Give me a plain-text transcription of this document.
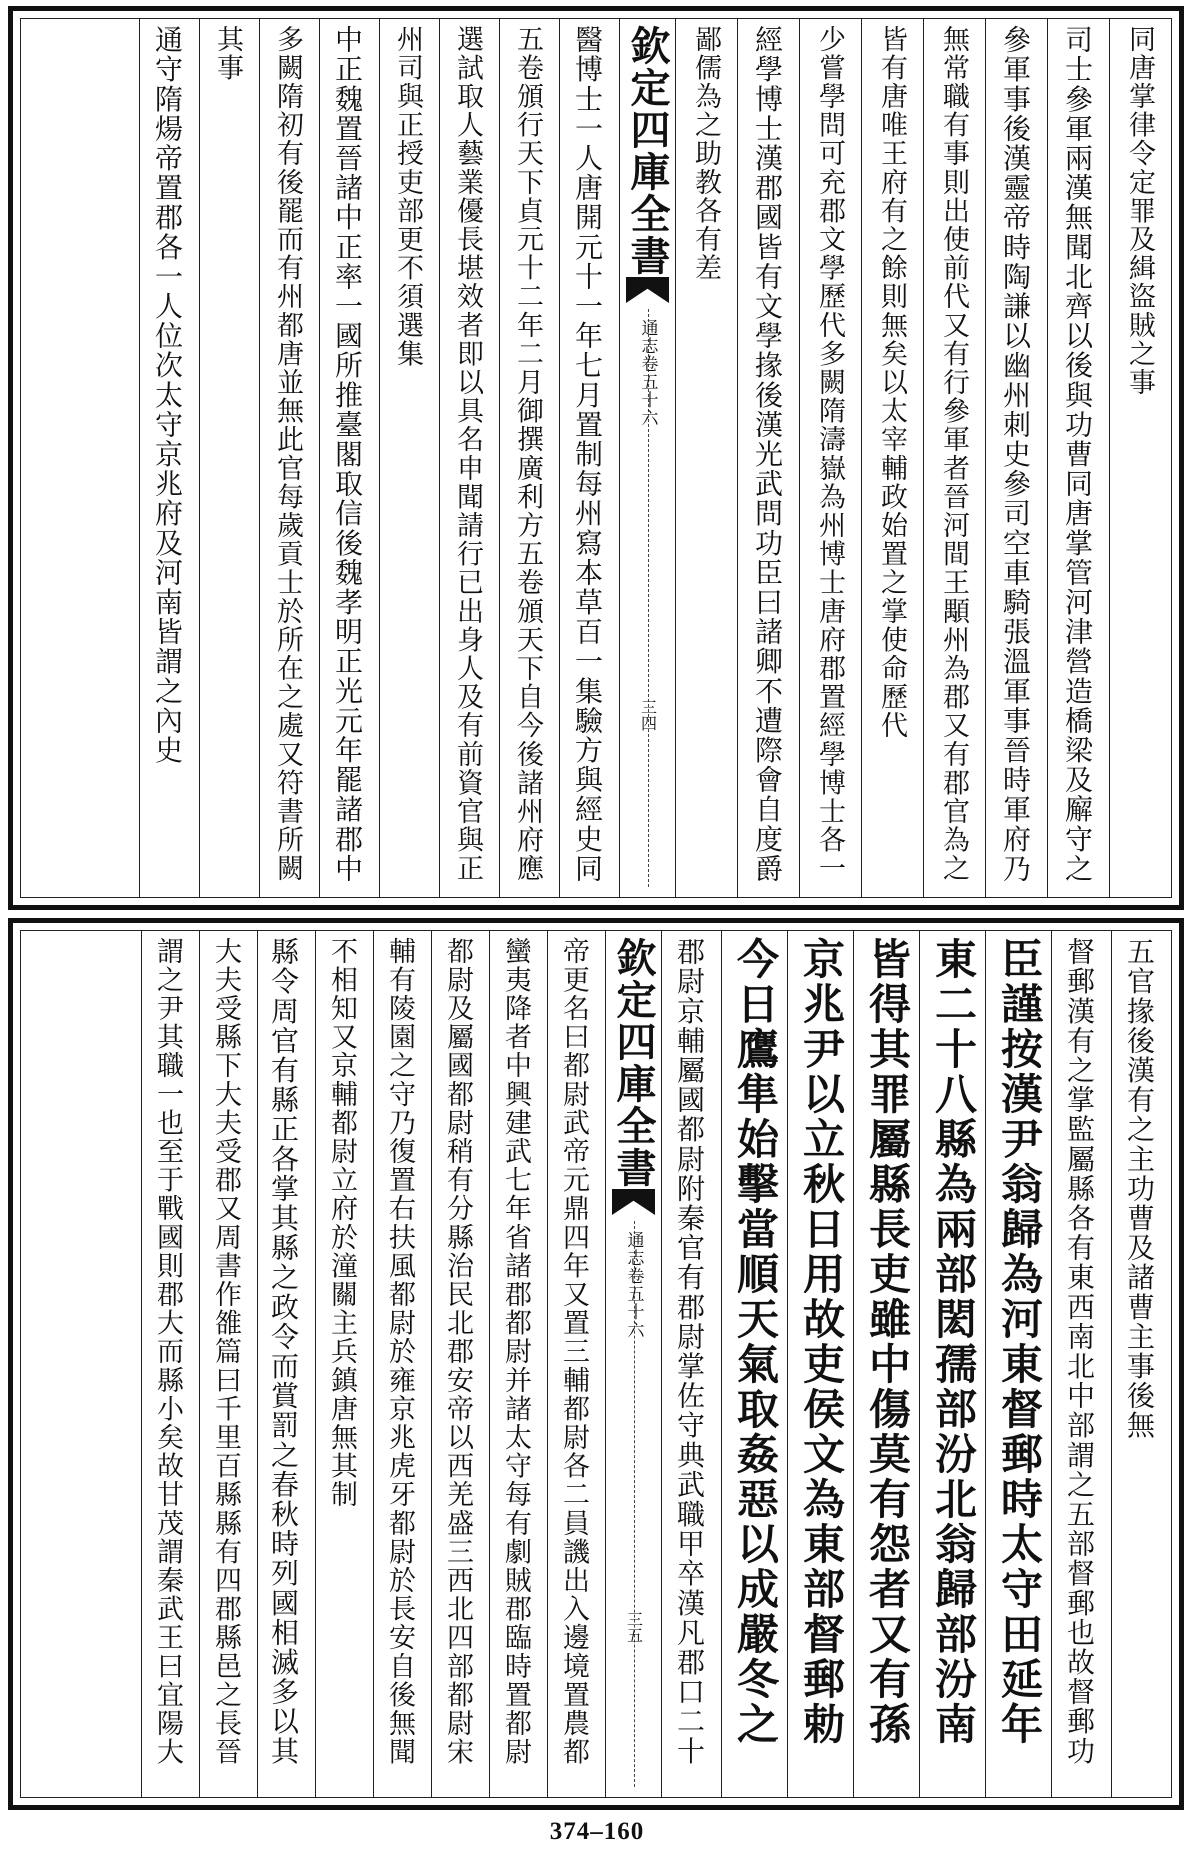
同唐掌律令定罪及緝盜賊之事
司士參軍兩漢無聞北齊以後與功曹同唐掌管河津營造橋梁及廨守之
參軍事後漢靈帝時陶謙以幽州刺史參司空車騎張溫軍事晉時軍府乃
無常職有事則出使前代又有行參軍者晉河間王顒州為郡又有郡官為之
皆有唐唯王府有之餘則無矣以太宰輔政始置之掌使命歷代
少嘗學問可充郡文學歷代多闕隋濤嶽為州博士唐府郡置經學博士各一
經學博士漢郡國皆有文學掾後漢光武問功臣曰諸卿不遭際會自度爵
鄙儒為之助教各有差
欽定四庫全書
通志卷五十六
三四
醫博士一人唐開元十一年七月置制每州寫本草百一集驗方與經史同
五卷頒行天下貞元十二年二月御撰廣利方五卷頒天下自今後諸州府應
選試取人藝業優長堪效者即以具名申聞請行已出身人及有前資官與正
州司與正授吏部更不須選集
中正魏置晉諸中正率一國所推臺閣取信後魏孝明正光元年罷諸郡中
多闕隋初有後罷而有州都唐並無此官每歲貢士於所在之處又符書所闕
其事
通守隋煬帝置郡各一人位次太守京兆府及河南皆謂之內史
五官掾後漢有之主功曹及諸曹主事後無
督郵漢有之掌監屬縣各有東西南北中部謂之五部督郵也故督郵功
臣謹按漢尹翁歸為河東督郵時太守田延年
東二十八縣為兩部閎孺部汾北翁歸部汾南
皆得其罪屬縣長吏雖中傷莫有怨者又有孫
京兆尹以立秋日用故吏侯文為東部督郵勅
今日鷹隼始擊當順天氣取姦惡以成嚴冬之
郡尉京輔屬國都尉附秦官有郡尉掌佐守典武職甲卒漢凡郡口二十
欽定四庫全書
通志卷五十六
三五
帝更名曰都尉武帝元鼎四年又置三輔都尉各二員譏出入邊境置農都
蠻夷降者中興建武七年省諸郡都尉并諸太守每有劇賊郡臨時置都尉
都尉及屬國都尉稍有分縣治民北郡安帝以西羌盛三西北四部都尉宋
輔有陵園之守乃復置右扶風都尉於雍京兆虎牙都尉於長安自後無聞
不相知又京輔都尉立府於潼關主兵鎮唐無其制
縣令周官有縣正各掌其縣之政令而賞罰之春秋時列國相滅多以其
大夫受縣下大夫受郡又周書作雒篇曰千里百縣縣有四郡縣邑之長晉
謂之尹其職一也至于戰國則郡大而縣小矣故甘茂謂秦武王曰宜陽大
374–160
